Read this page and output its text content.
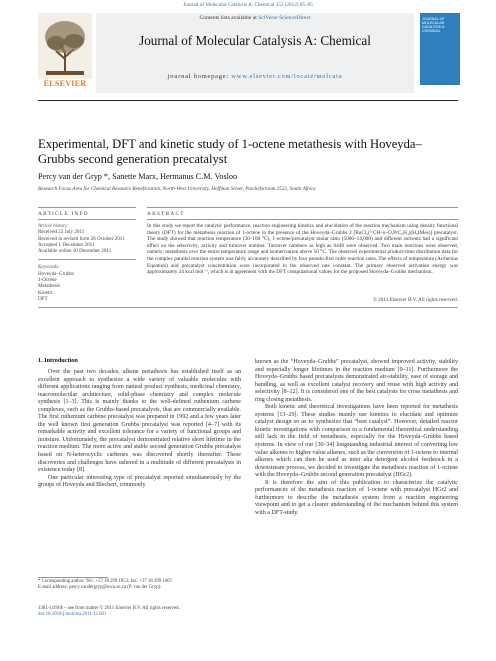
Journal of Molecular Catalysis A: Chemical 355 (2012) 85–95
ELSEVIER
Contents lists available at SciVerse ScienceDirect
Journal of Molecular Catalysis A: Chemical
journal homepage: www.elsevier.com/locate/molcata
JOURNAL OF MOLECULAR CATALYSIS A: CHEMICAL
Experimental, DFT and kinetic study of 1-octene metathesis with Hoveyda–Grubbs second generation precatalyst
Percy van der Gryp *, Sanette Marx, Hermanus C.M. Vosloo
Research Focus Area for Chemical Resource Beneficiation, North-West University, Hoffman Street, Potchefstroom 2522, South Africa
ARTICLE INFO	ABSTRACT
Article history:
Received 22 July 2011
Received in revised form 28 October 2011
Accepted 1 December 2011
Available online 10 December 2011
Keywords:
Hoveyda–Grubbs
1-Octene
Metathesis
Kinetic
DFT
In this study we report the catalytic performance, reaction engineering kinetics and elucidation of the reaction mechanism using density functional theory (DFT) for the metathesis reaction of 1-octene in the presence of the Hoveyda–Grubbs 2 [RuCl₂(=CH–o–O,PrC₆H₄)(H₂IMes)] precatalyst. The study showed that reaction temperature (30–100 °C), 1-octene/precatalyst molar ratio (5000–14,000) and different solvents had a significant effect on the selectivity, activity and turnover number. Turnover numbers as high as 6448 were observed. Two main reactions were observed, namely: metathesis over the entire temperature range and isomerization above 50 °C. The observed experimental product-time distribution data for the complex parallel reaction system was fairly accurately described by four pseudo-first order reaction rates. The effects of temperature (Arrhenius Equation) and precatalyst concentration were incorporated in the observed rate constant. The primary observed activation energy was approximately 24 kcal mol⁻¹, which is in agreement with the DFT computational values for the proposed Hoveyda–Grubbs mechanism.
© 2011 Elsevier B.V. All rights reserved.
1. Introduction

Over the past two decades, alkene metathesis has established itself as an excellent approach to synthesize a wide variety of valuable molecules with different applications ranging from natural product synthesis, medicinal chemistry, macromolecular architecture, solid-phase chemistry and complex molecule synthesis [1–3]. This is mainly thanks to the well-defined ruthenium carbene complexes, such as the Grubbs-based precatalysts, that are commercially available. The first ruthenium carbene precatalyst was prepared in 1992 and a few years later the well known first generation Grubbs precatalyst was reported [4–7] with its remarkable activity and excellent tolerance for a variety of functional groups and moisture. Unfortunately, the precatalyst demonstrated relative short lifetime in the reaction medium. The more active and stable second generation Grubbs precatalyst based on N-heterocyclic carbenes was discovered shortly thereafter. These discoveries and challenges have ushered in a multitude of different precatalysts in existence today [8].

One particular interesting type of precatalyst reported simultaneously by the groups of Hoveyda and Blechert, commonly

known as the “Hoveyda–Grubbs” precatalyst, showed improved activity, stability and especially longer lifetimes in the reaction medium [9–11]. Furthermore the Hoveyda–Grubbs based precatalysts demonstrated air-stability, ease of storage and handling, as well as excellent catalyst recovery and reuse with high activity and selectivity [8–12]. It is considered one of the best catalysts for cross metathesis and ring closing metathesis.

Both kinetic and theoretical investigations have been reported for metathesis systems [13–29]. These studies mainly use kinetics to elucidate and optimize catalyst design so as to synthesize that “best catalyst”. However, detailed reactor kinetic investigations with comparison to a fundamental theoretical understanding still lack in the field of metathesis, especially for the Hoveyda–Grubbs based systems. In view of our [30–34] longstanding industrial interest of converting low value alkenes to higher value alkenes, such as the conversion of 1-octene to internal alkenes which can then be used as inter alia detergent alcohol feedstock in a downstream process, we decided to investigate the metathesis reaction of 1-octene with the Hoveyda–Grubbs second generation precatalyst (HGr2).

It is therefore the aim of this publication to characterize the catalytic performances of the metathesis reaction of 1-octene with precatalyst HGr2 and furthermore to describe the metathesis system from a reaction engineering viewpoint and to get a clearer understanding of the mechanism behind this system with a DFT-study.

* Corresponding author. Tel.: +27 18 299 1953; fax: +27 18 299 1667.
E-mail address: percy.vandergryp@nwu.ac.za (P. van der Gryp).
1381-1169/$ – see front matter © 2011 Elsevier B.V. All rights reserved.
doi:10.1016/j.molcata.2011.12.001
